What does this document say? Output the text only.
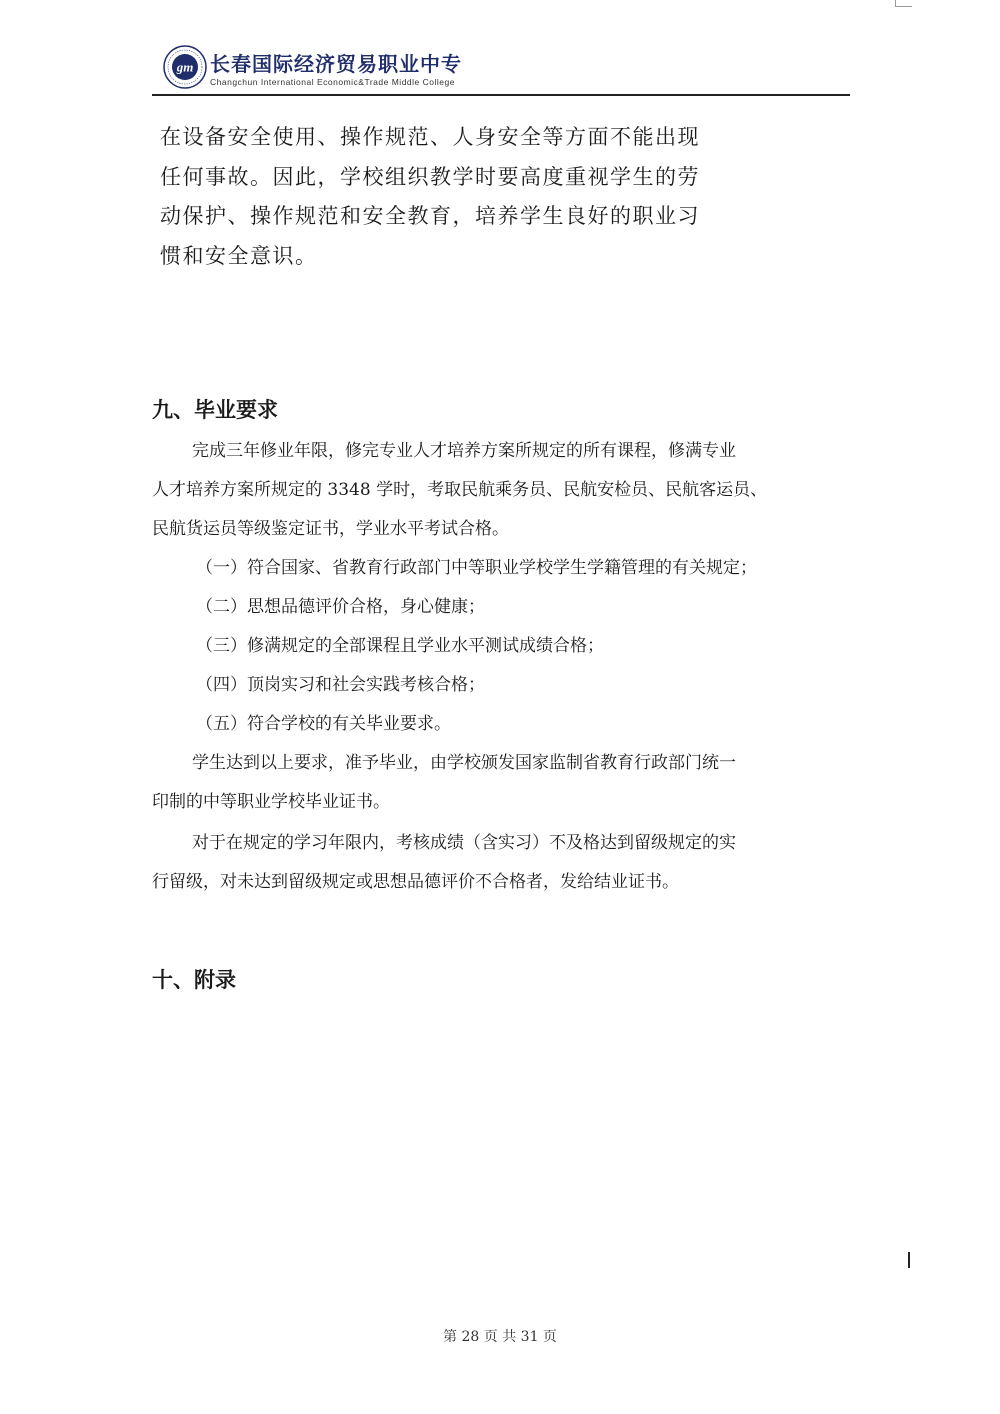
gm 长春国际经济贸易职业中专
Changchun International Economic&Trade Middle College
在设备安全使用、操作规范、人身安全等方面不能出现
任何事故。因此，学校组织教学时要高度重视学生的劳
动保护、操作规范和安全教育，培养学生良好的职业习
惯和安全意识。
九、毕业要求
完成三年修业年限，修完专业人才培养方案所规定的所有课程，修满专业
人才培养方案所规定的 3348 学时，考取民航乘务员、民航安检员、民航客运员、
民航货运员等级鉴定证书，学业水平考试合格。
（一）符合国家、省教育行政部门中等职业学校学生学籍管理的有关规定；
（二）思想品德评价合格，身心健康；
（三）修满规定的全部课程且学业水平测试成绩合格；
（四）顶岗实习和社会实践考核合格；
（五）符合学校的有关毕业要求。
学生达到以上要求，准予毕业，由学校颁发国家监制省教育行政部门统一
印制的中等职业学校毕业证书。
对于在规定的学习年限内，考核成绩（含实习）不及格达到留级规定的实
行留级，对未达到留级规定或思想品德评价不合格者，发给结业证书。
十、附录
第 28 页 共 31 页
